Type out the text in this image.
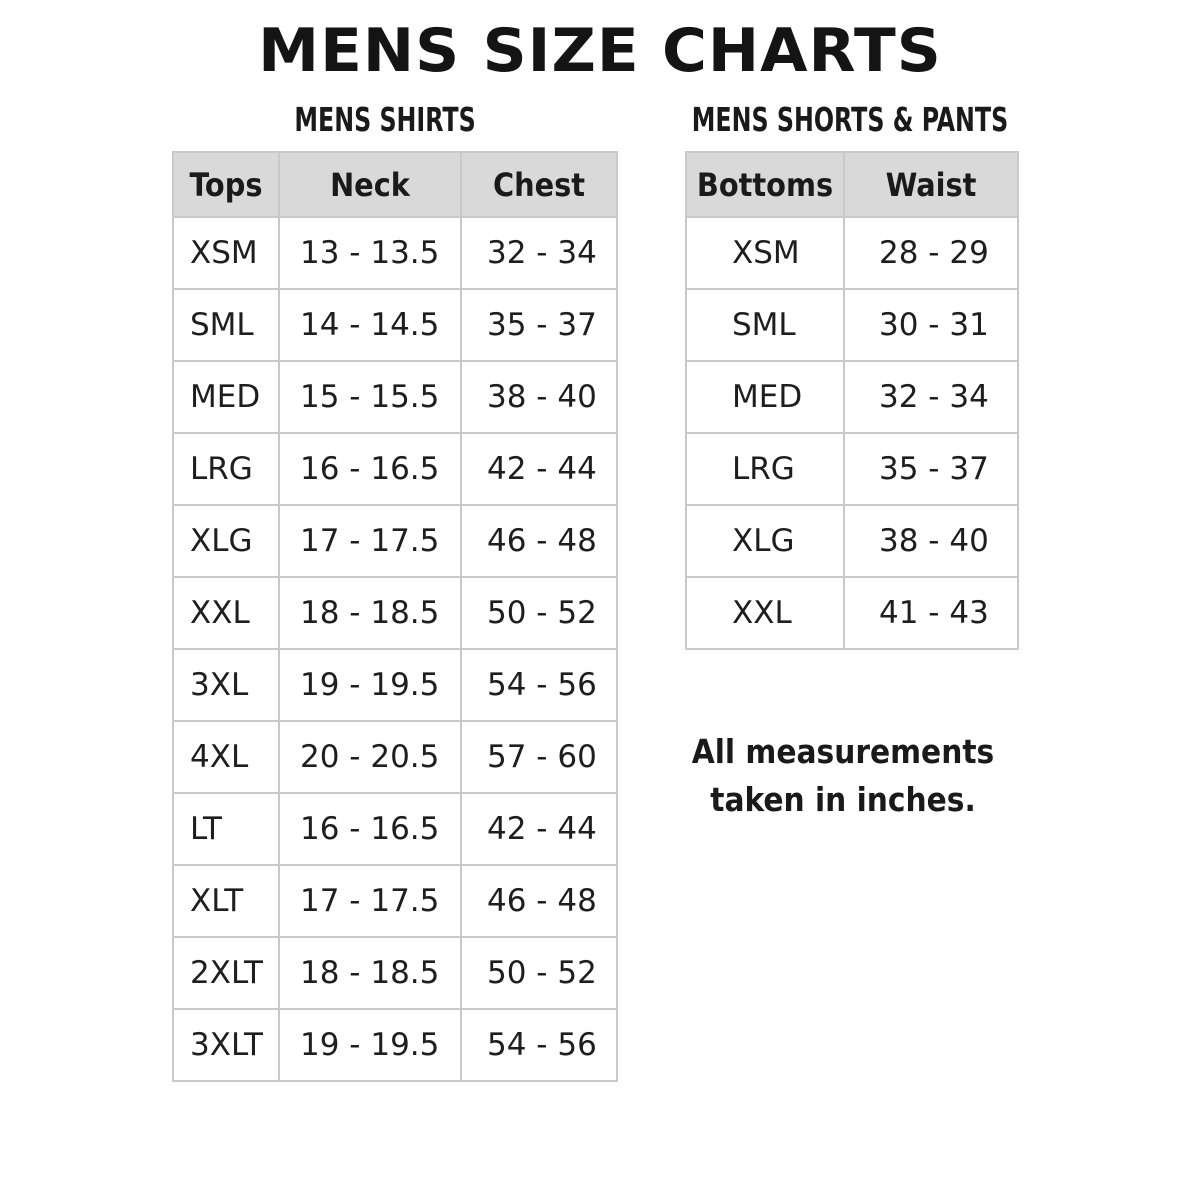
MENS SIZE CHARTS
MENS SHIRTS	MENS SHORTS & PANTS
Tops	Neck	Chest
XSM	13 - 13.5	32 - 34
SML	14 - 14.5	35 - 37
MED	15 - 15.5	38 - 40
LRG	16 - 16.5	42 - 44
XLG	17 - 17.5	46 - 48
XXL	18 - 18.5	50 - 52
3XL	19 - 19.5	54 - 56
4XL	20 - 20.5	57 - 60
LT	16 - 16.5	42 - 44
XLT	17 - 17.5	46 - 48
2XLT	18 - 18.5	50 - 52
3XLT	19 - 19.5	54 - 56
Bottoms	Waist
XSM	28 - 29
SML	30 - 31
MED	32 - 34
LRG	35 - 37
XLG	38 - 40
XXL	41 - 43
All measurements
taken in inches.
